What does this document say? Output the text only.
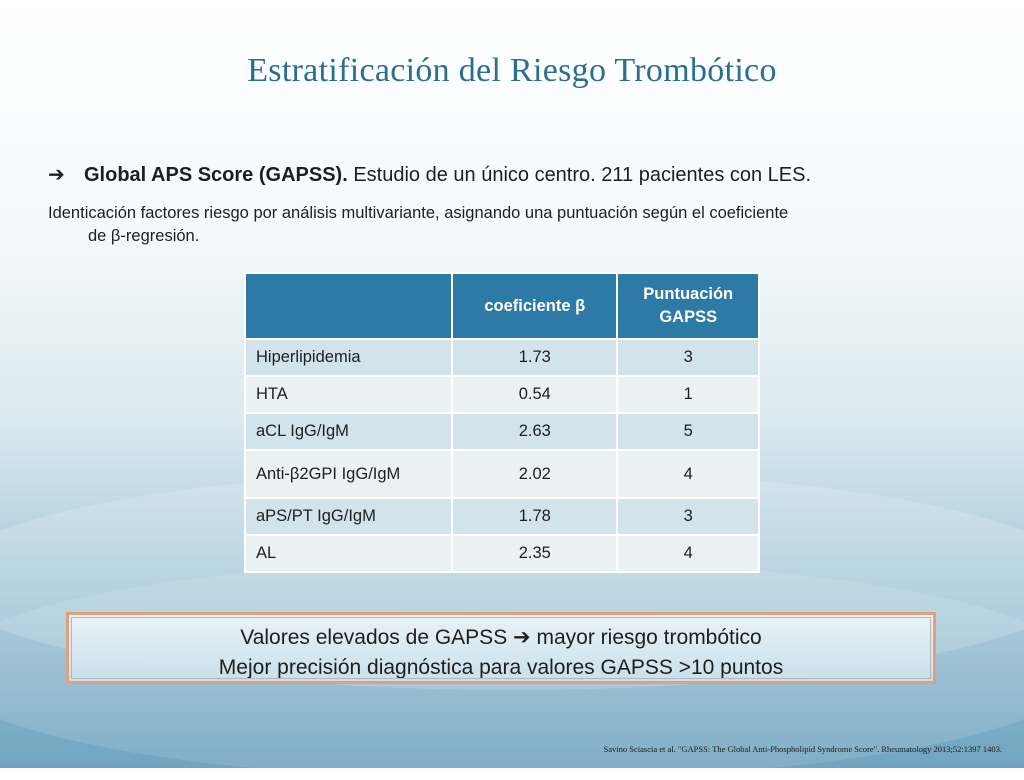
Estratificación del Riesgo Trombótico
➔ Global APS Score (GAPSS). Estudio de un único centro. 211 pacientes con LES.
Identicación factores riesgo por análisis multivariante, asignando una puntuación según el coeficiente
de β-regresión.
	coeficiente β	Puntuación GAPSS
Hiperlipidemia	1.73	3
HTA	0.54	1
aCL IgG/IgM	2.63	5
Anti-β2GPI IgG/IgM	2.02	4
aPS/PT IgG/IgM	1.78	3
AL	2.35	4
Valores elevados de GAPSS ➔ mayor riesgo trombótico
Mejor precisión diagnóstica para valores GAPSS >10 puntos
Savino Sciascia et al. "GAPSS: The Global Anti-Phospholipid Syndrome Score". Rheumatology 2013;52:1397 1403.
